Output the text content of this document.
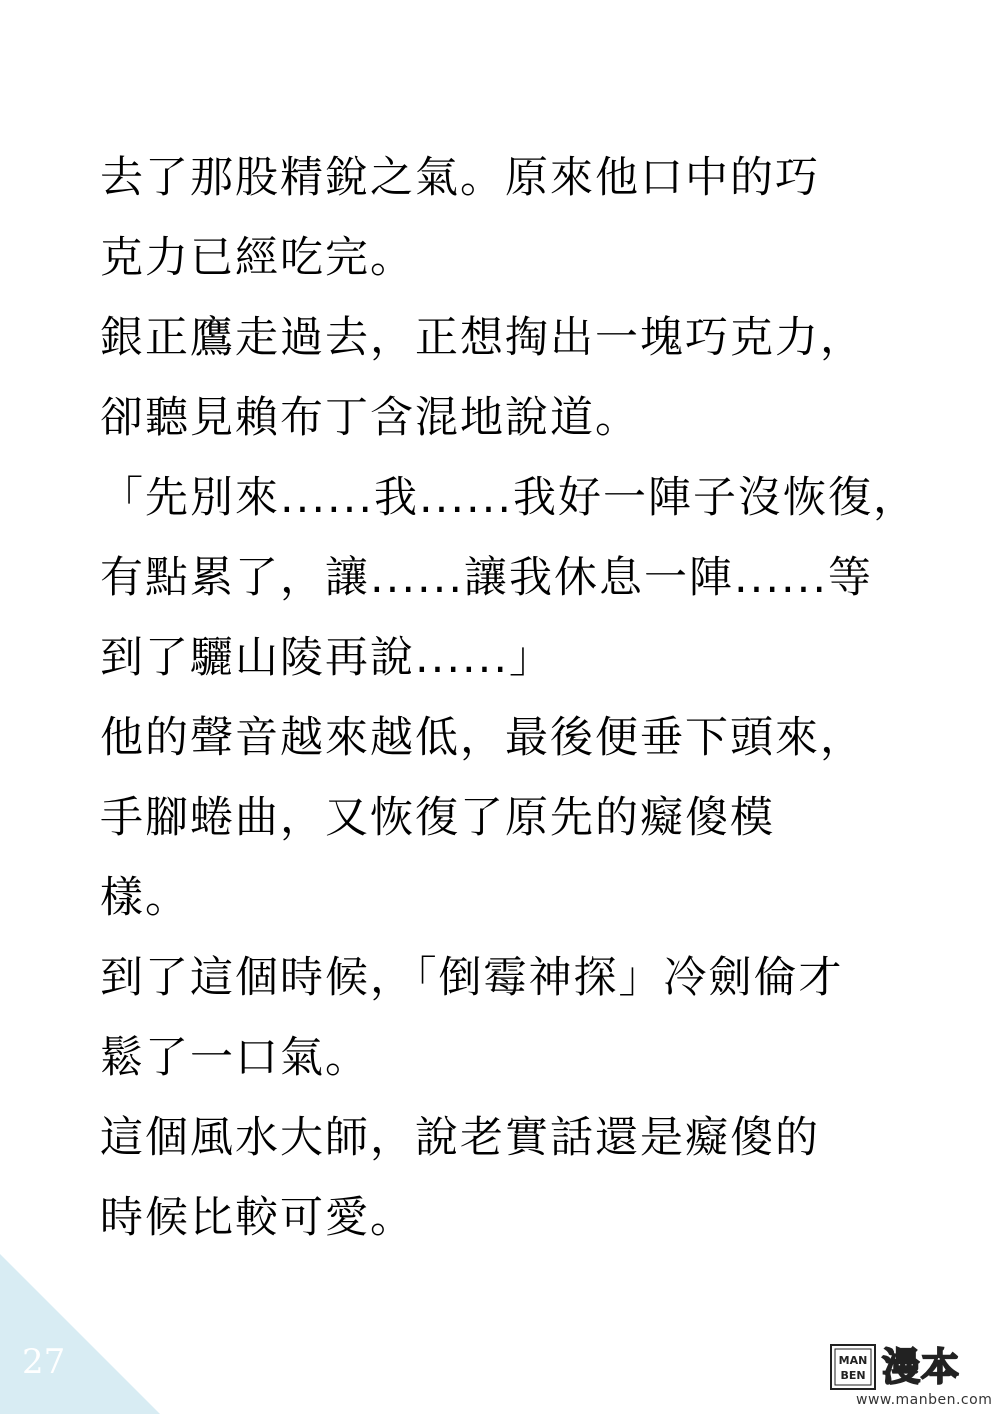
去了那股精銳之氣。原來他口中的巧
克力已經吃完。
銀正鷹走過去，正想掏出一塊巧克力，
卻聽見賴布丁含混地說道。
「先別來......我......我好一陣子沒恢復，
有點累了，讓......讓我休息一陣......等
到了驪山陵再說......」
他的聲音越來越低，最後便垂下頭來，
手腳蜷曲，又恢復了原先的癡傻模
樣。
到了這個時候，「倒霉神探」冷劍倫才
鬆了一口氣。
這個風水大師，說老實話還是癡傻的
時候比較可愛。
27	MAN
BEN 漫本
www.manben.com
